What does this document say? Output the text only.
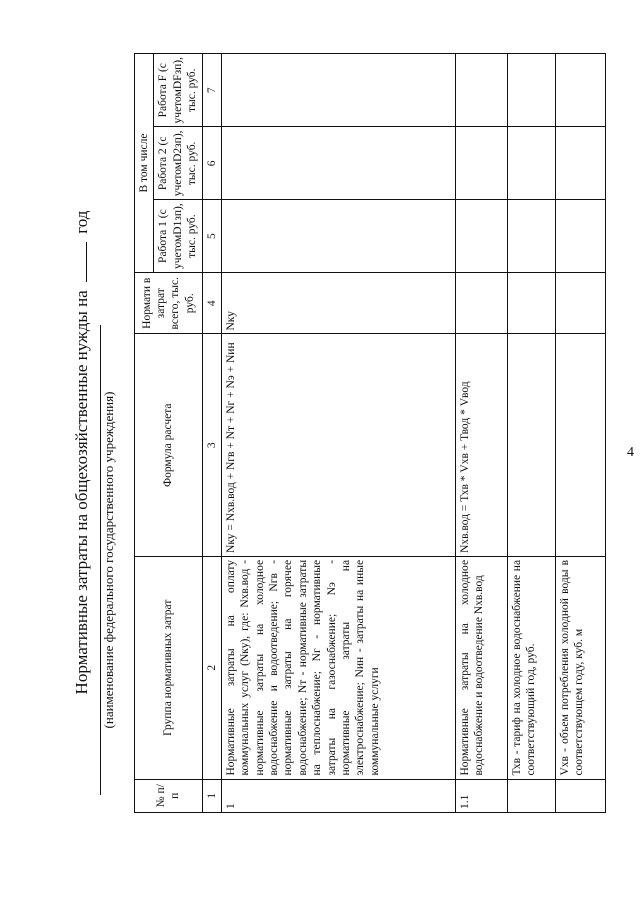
4
Нормативные затраты на общехозяйственные нужды на  год
(наименование федерального государственного учреждения)
№ п/п	Группа нормативных затрат	Формула расчета	Нормати в затрат всего, тыс. руб.	В том числе		
				Работа 1 (с учетомD1зп), тыс. руб.	Работа 2 (с учетомD2зп), тыс. руб.	Работа F (с учетомDFзп), тыс. руб.
1	2	3	4	5	6	7
1	Нормативные затраты на оплату коммунальных услуг (Nку), где: Nхв.вод - нормативные затраты на холодное водоснабжение и водоотведение; Nгв - нормативные затраты на горячее водоснабжение; Nт - нормативные затраты на теплоснабжение; Nг - нормативные затраты на газоснабжение; Nэ - нормативные затраты на электроснабжение; Nин - затраты на иные коммунальные услуги	Nку = Nхв.вод + Nгв + Nт + Nг + Nэ + Nин	Nку			
1.1	Нормативные затраты на холодное водоснабжение и водоотведение Nхв.вод	Nхв.вод = Тхв * Vхв + Твод * Vвод				
	Тхв - тариф на холодное водоснабжение на соответствующий год, руб.					
	Vхв - объем потребления холодной воды в соответствующем году, куб. м					
